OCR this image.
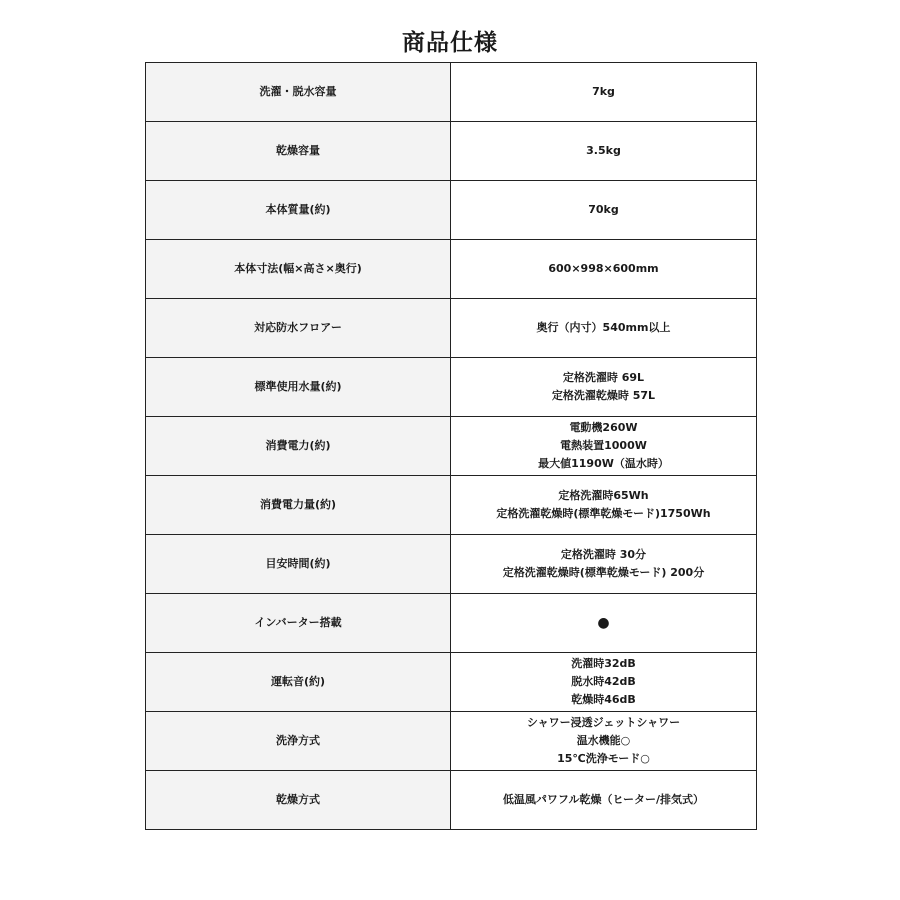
商品仕様
洗濯・脱水容量	7kg

乾燥容量	3.5kg

本体質量(約)	70kg

本体寸法(幅×高さ×奥行)	600×998×600mm

対応防水フロアー	奥行（内寸）540mm以上

標準使用水量(約)	定格洗濯時 69L
定格洗濯乾燥時 57L

消費電力(約)	電動機260W
電熱装置1000W
最大値1190W（温水時）

消費電力量(約)	定格洗濯時65Wh
定格洗濯乾燥時(標準乾燥モード)1750Wh

目安時間(約)	定格洗濯時 30分
定格洗濯乾燥時(標準乾燥モード) 200分

インバーター搭載	●

運転音(約)	洗濯時32dB
脱水時42dB
乾燥時46dB

洗浄方式	シャワー浸透ジェットシャワー
温水機能○
15℃洗浄モード○

乾燥方式	低温風パワフル乾燥（ヒーター/排気式）
